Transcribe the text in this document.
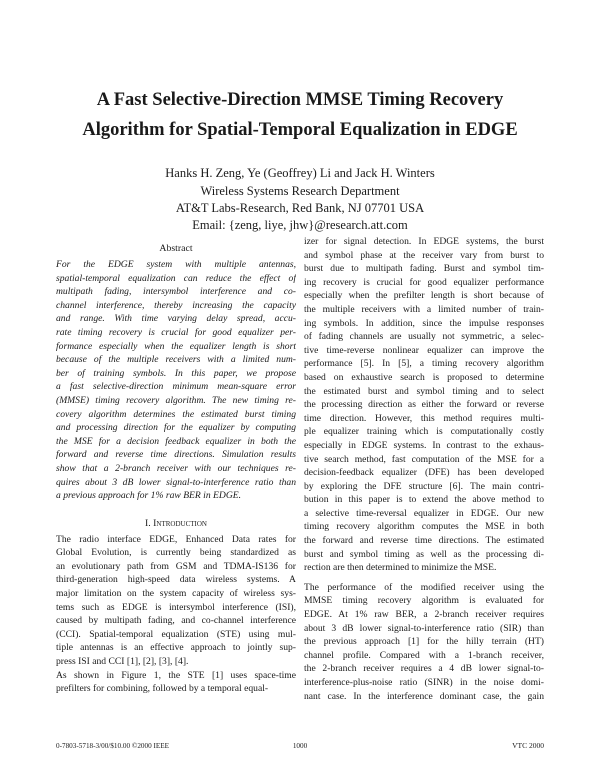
A Fast Selective-Direction MMSE Timing Recovery
Algorithm for Spatial-Temporal Equalization in EDGE

Hanks H. Zeng, Ye (Geoffrey) Li and Jack H. Winters

Wireless Systems Research Department

AT&T Labs-Research, Red Bank, NJ 07701 USA

Email: {zeng, liye, jhw}@research.att.com

Abstract
For the EDGE system with multiple antennas,
spatial-temporal equalization can reduce the effect of
multipath fading, intersymbol interference and co-
channel interference, thereby increasing the capacity
and range. With time varying delay spread, accu-
rate timing recovery is crucial for good equalizer per-
formance especially when the equalizer length is short
because of the multiple receivers with a limited num-
ber of training symbols. In this paper, we propose
a fast selective-direction minimum mean-square error
(MMSE) timing recovery algorithm. The new timing re-
covery algorithm determines the estimated burst timing
and processing direction for the equalizer by computing
the MSE for a decision feedback equalizer in both the
forward and reverse time directions. Simulation results
show that a 2-branch receiver with our techniques re-
quires about 3 dB lower signal-to-interference ratio than
a previous approach for 1% raw BER in EDGE.
I. Introduction
The radio interface EDGE, Enhanced Data rates for
Global Evolution, is currently being standardized as
an evolutionary path from GSM and TDMA-IS136 for
third-generation high-speed data wireless systems. A
major limitation on the system capacity of wireless sys-
tems such as EDGE is intersymbol interference (ISI),
caused by multipath fading, and co-channel interference
(CCI). Spatial-temporal equalization (STE) using mul-
tiple antennas is an effective approach to jointly sup-
press ISI and CCI [1], [2], [3], [4].
As shown in Figure 1, the STE [1] uses space-time
prefilters for combining, followed by a temporal equal-
izer for signal detection. In EDGE systems, the burst
and symbol phase at the receiver vary from burst to
burst due to multipath fading. Burst and symbol tim-
ing recovery is crucial for good equalizer performance
especially when the prefilter length is short because of
the multiple receivers with a limited number of train-
ing symbols. In addition, since the impulse responses
of fading channels are usually not symmetric, a selec-
tive time-reverse nonlinear equalizer can improve the
performance [5]. In [5], a timing recovery algorithm
based on exhaustive search is proposed to determine
the estimated burst and symbol timing and to select
the processing direction as either the forward or reverse
time direction. However, this method requires multi-
ple equalizer training which is computationally costly
especially in EDGE systems. In contrast to the exhaus-
tive search method, fast computation of the MSE for a
decision-feedback equalizer (DFE) has been developed
by exploring the DFE structure [6]. The main contri-
bution in this paper is to extend the above method to
a selective time-reversal equalizer in EDGE. Our new
timing recovery algorithm computes the MSE in both
the forward and reverse time directions. The estimated
burst and symbol timing as well as the processing di-
rection are then determined to minimize the MSE.
The performance of the modified receiver using the
MMSE timing recovery algorithm is evaluated for
EDGE. At 1% raw BER, a 2-branch receiver requires
about 3 dB lower signal-to-interference ratio (SIR) than
the previous approach [1] for the hilly terrain (HT)
channel profile. Compared with a 1-branch receiver,
the 2-branch receiver requires a 4 dB lower signal-to-
interference-plus-noise ratio (SINR) in the noise domi-
nant case. In the interference dominant case, the gain
0-7803-5718-3/00/$10.00 ©2000 IEEE	1000	VTC 2000
